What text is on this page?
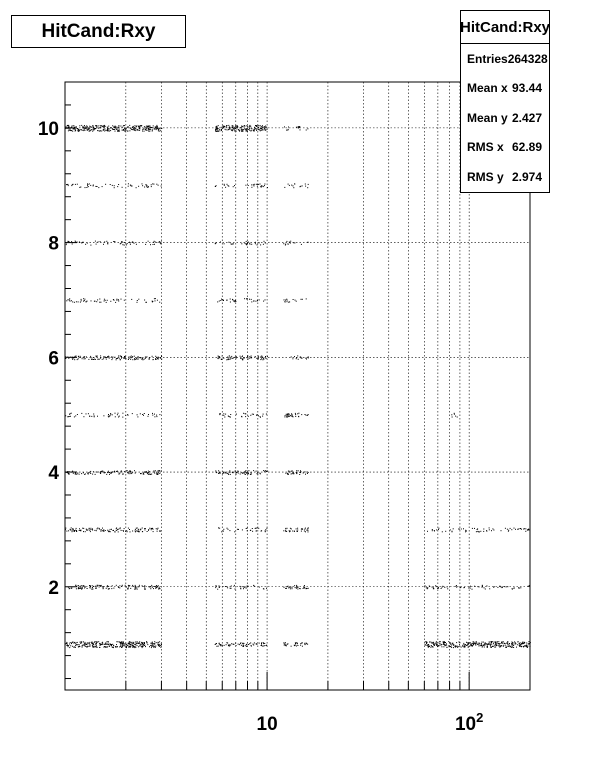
2
4
6
8
10
10	$10^2$
HitCand:Rxy	HitCand:Rxy
Entries 264328
Mean x 93.44
Mean y 2.427
RMS x 62.89
RMS y 2.974
